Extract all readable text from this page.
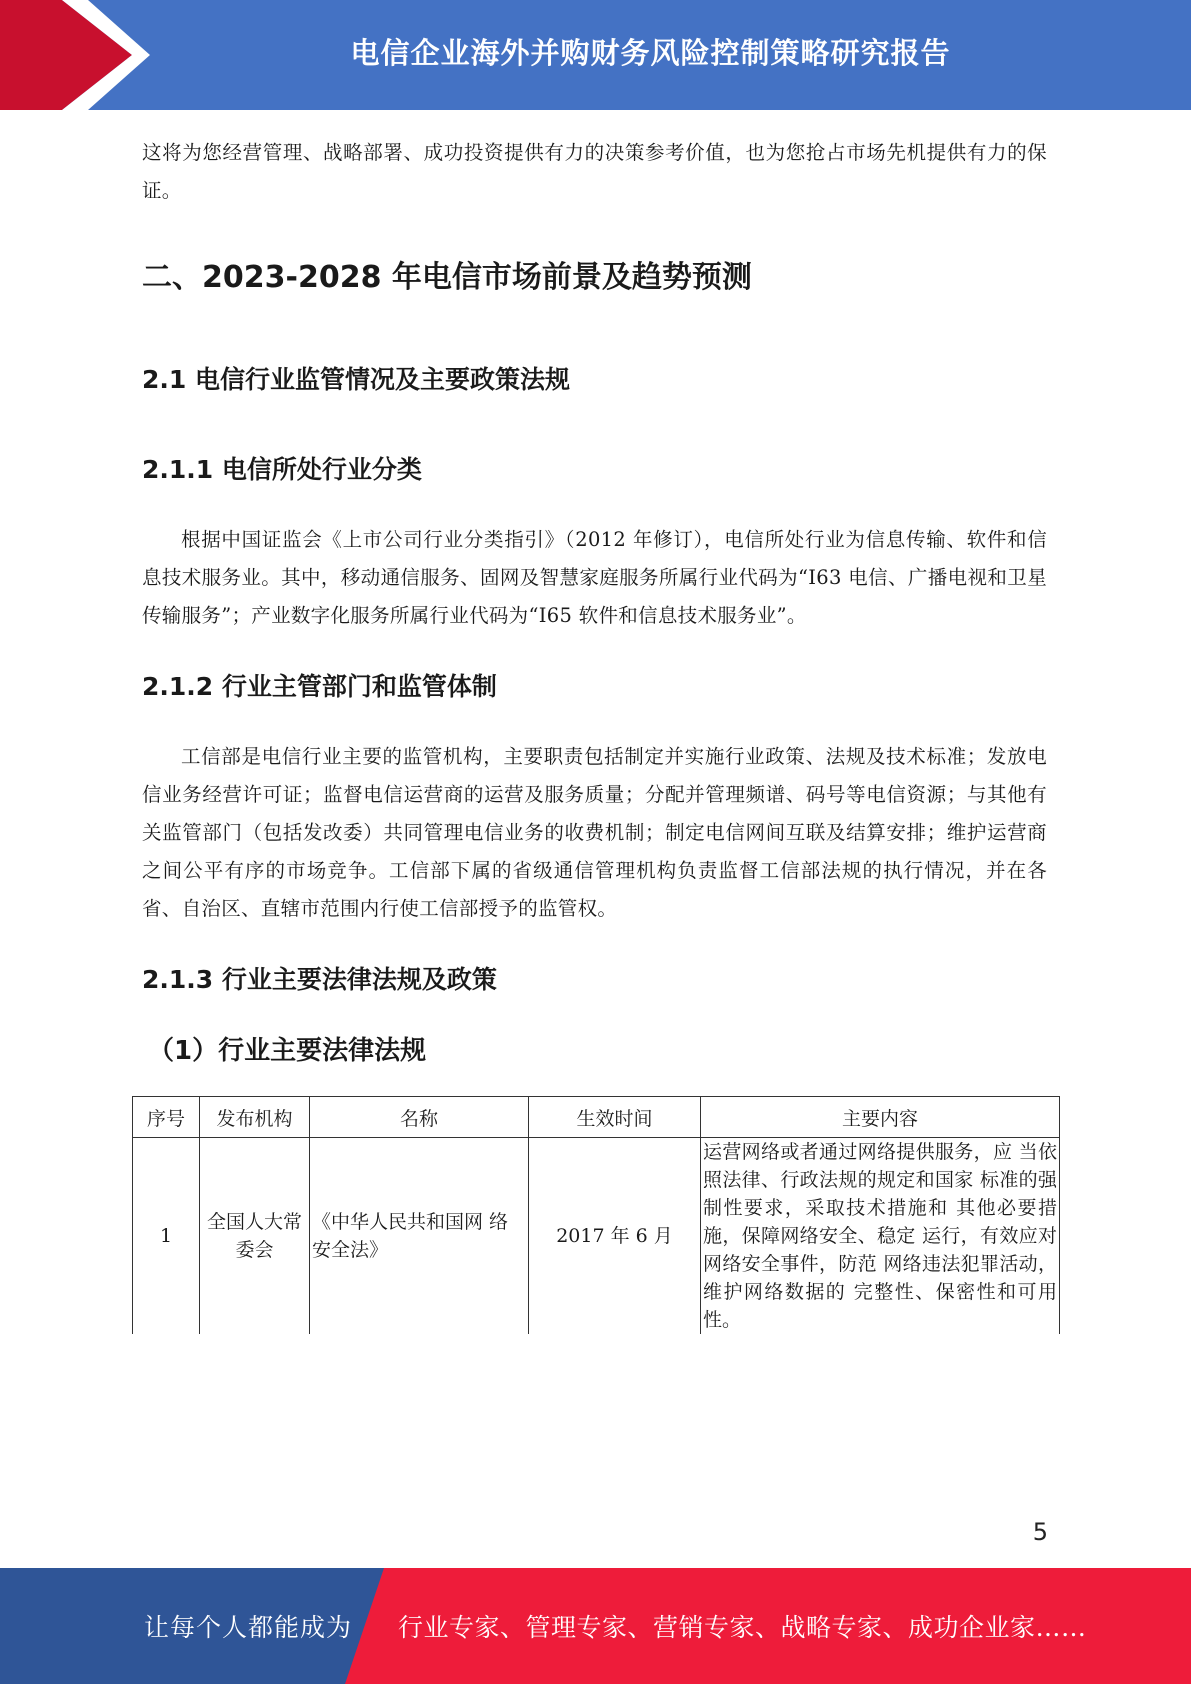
电信企业海外并购财务风险控制策略研究报告
这将为您经营管理、战略部署、成功投资提供有力的决策参考价值，也为您抢占市场先机提供有力的保证。
二、2023-2028 年电信市场前景及趋势预测
2.1 电信行业监管情况及主要政策法规
2.1.1 电信所处行业分类
根据中国证监会《上市公司行业分类指引》（2012 年修订），电信所处行业为信息传输、软件和信息技术服务业。其中，移动通信服务、固网及智慧家庭服务所属行业代码为“I63 电信、广播电视和卫星传输服务”；产业数字化服务所属行业代码为“I65 软件和信息技术服务业”。
2.1.2 行业主管部门和监管体制
工信部是电信行业主要的监管机构，主要职责包括制定并实施行业政策、法规及技术标准；发放电信业务经营许可证；监督电信运营商的运营及服务质量；分配并管理频谱、码号等电信资源；与其他有关监管部门（包括发改委）共同管理电信业务的收费机制；制定电信网间互联及结算安排；维护运营商之间公平有序的市场竞争。工信部下属的省级通信管理机构负责监督工信部法规的执行情况，并在各省、自治区、直辖市范围内行使工信部授予的监管权。
2.1.3 行业主要法律法规及政策
（1）行业主要法律法规
序号	发布机构	名称	生效时间	主要内容
1	全国人大常委会	《中华人民共和国网 络安全法》	2017 年 6 月	运营网络或者通过网络提供服务，应 当依照法律、行政法规的规定和国家 标准的强制性要求，采取技术措施和 其他必要措施，保障网络安全、稳定 运行，有效应对网络安全事件，防范 网络违法犯罪活动，维护网络数据的 完整性、保密性和可用性。
5
让每个人都能成为 行业专家、管理专家、营销专家、战略专家、成功企业家……
